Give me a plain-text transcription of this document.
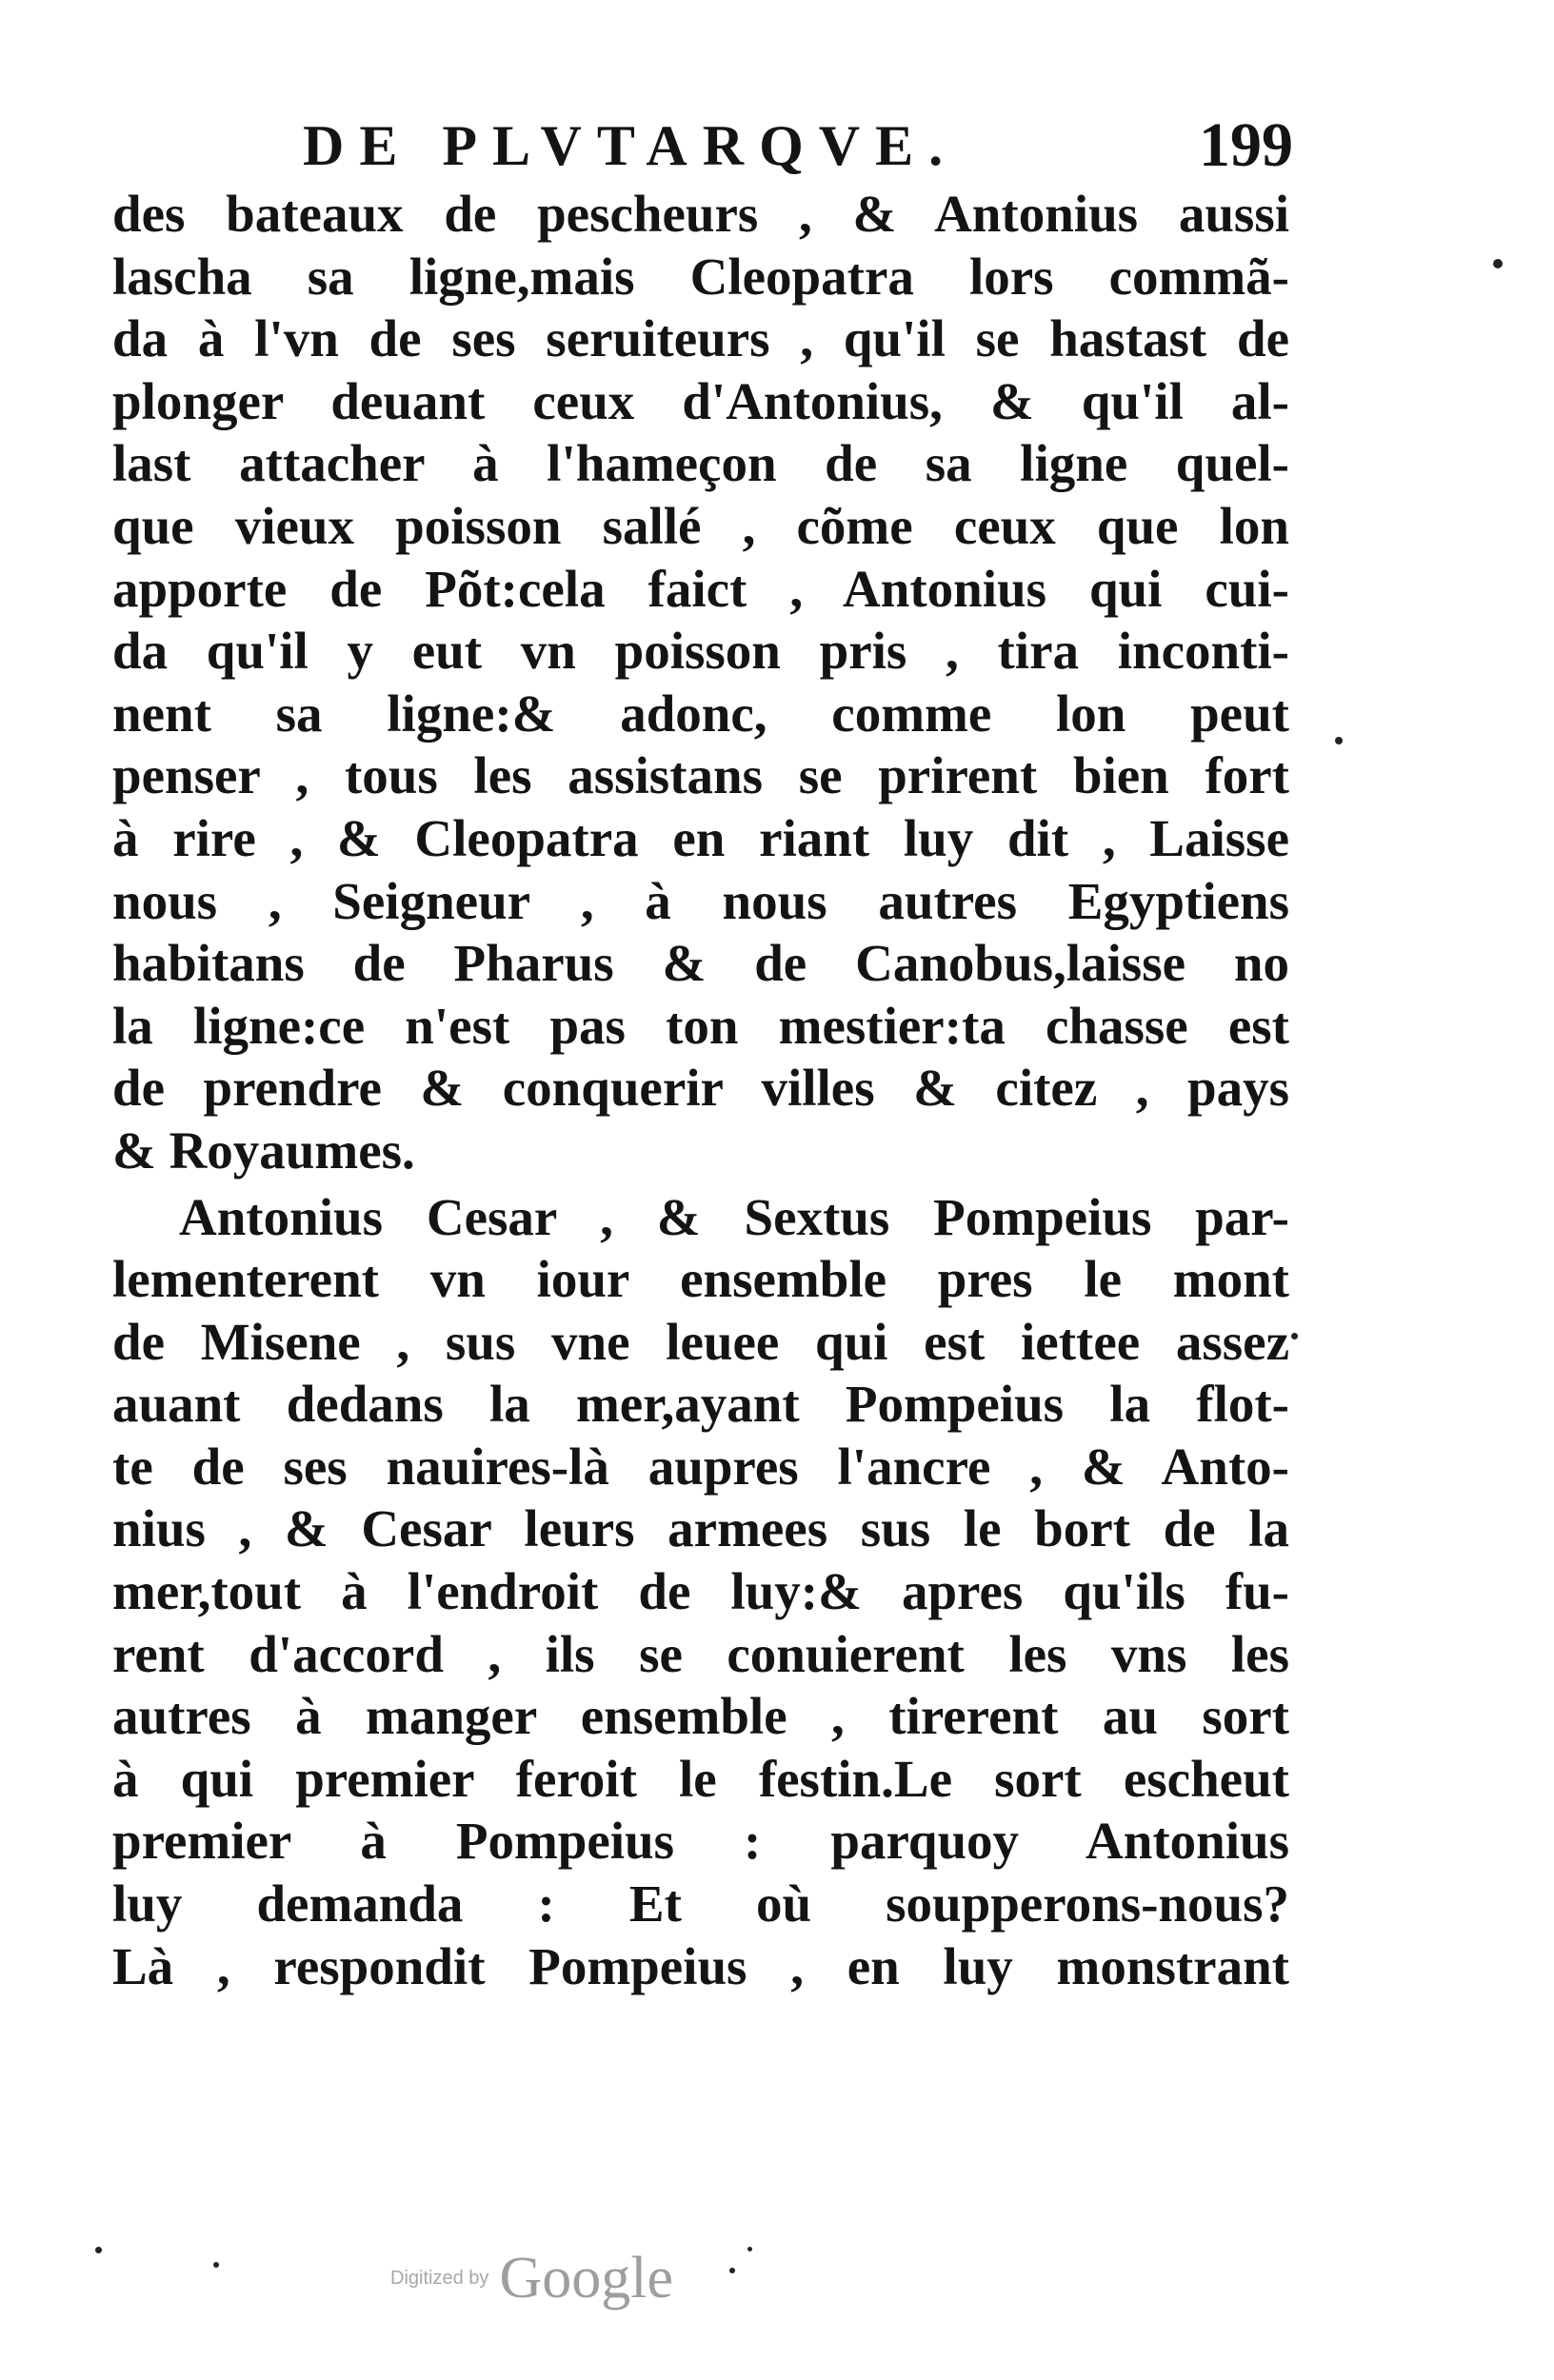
DE PLVTARQVE.	199
des bateaux de pescheurs , & Antonius aussi
lascha sa ligne,mais Cleopatra lors commã-
da à l'vn de ses seruiteurs , qu'il se hastast de
plonger deuant ceux d'Antonius, & qu'il al-
last attacher à l'hameçon de sa ligne quel-
que vieux poisson sallé , cõme ceux que lon
apporte de Põt:cela faict , Antonius qui cui-
da qu'il y eut vn poisson pris , tira inconti-
nent sa ligne:& adonc, comme lon peut
penser , tous les assistans se prirent bien fort
à rire , & Cleopatra en riant luy dit , Laisse
nous , Seigneur , à nous autres Egyptiens
habitans de Pharus & de Canobus,laisse no
la ligne:ce n'est pas ton mestier:ta chasse est
de prendre & conquerir villes & citez , pays
& Royaumes.
Antonius Cesar , & Sextus Pompeius par-
lementerent vn iour ensemble pres le mont
de Misene , sus vne leuee qui est iettee assez
auant dedans la mer,ayant Pompeius la flot-
te de ses nauires-là aupres l'ancre , & Anto-
nius , & Cesar leurs armees sus le bort de la
mer,tout à l'endroit de luy:& apres qu'ils fu-
rent d'accord , ils se conuierent les vns les
autres à manger ensemble , tirerent au sort
à qui premier feroit le festin.Le sort escheut
premier à Pompeius : parquoy Antonius
luy demanda : Et où soupperons-nous?
Là , respondit Pompeius , en luy monstrant
Digitized by Google
